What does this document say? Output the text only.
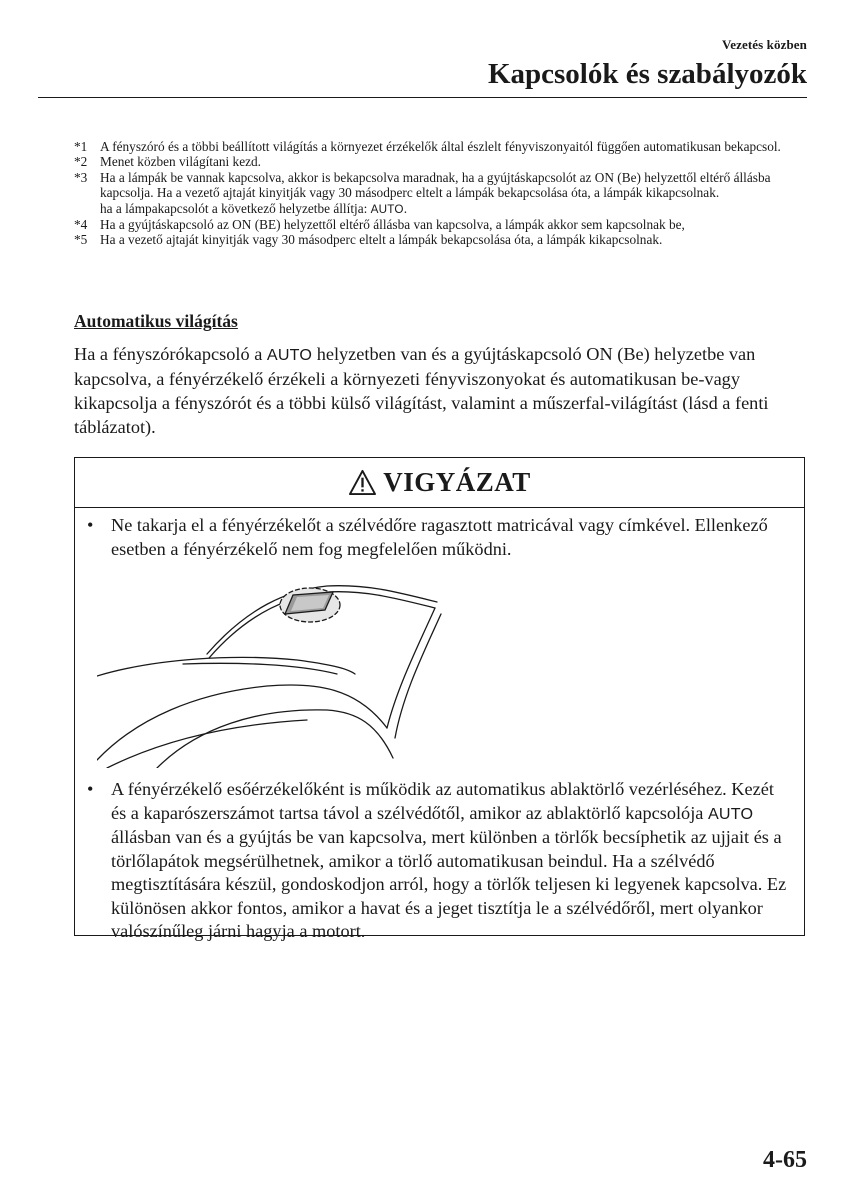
Vezetés közben
Kapcsolók és szabályozók
*1 A fényszóró és a többi beállított világítás a környezet érzékelők által észlelt fényviszonyaitól függően automatikusan bekapcsol.
*2 Menet közben világítani kezd.
*3 Ha a lámpák be vannak kapcsolva, akkor is bekapcsolva maradnak, ha a gyújtáskapcsolót az ON (Be) helyzettől eltérő állásba kapcsolja. Ha a vezető ajtaját kinyitják vagy 30 másodperc eltelt a lámpák bekapcsolása óta, a lámpák kikapcsolnak.
ha a lámpakapcsolót a következő helyzetbe állítja: AUTO.
*4 Ha a gyújtáskapcsoló az ON (BE) helyzettől eltérő állásba van kapcsolva, a lámpák akkor sem kapcsolnak be,
*5 Ha a vezető ajtaját kinyitják vagy 30 másodperc eltelt a lámpák bekapcsolása óta, a lámpák kikapcsolnak.
Automatikus világítás

Ha a fényszórókapcsoló a AUTO helyzetben van és a gyújtáskapcsoló ON (Be) helyzetbe van kapcsolva, a fényérzékelő érzékeli a környezeti fényviszonyokat és automatikusan be-vagy kikapcsolja a fényszórót és a többi külső világítást, valamint a műszerfal-világítást (lásd a fenti táblázatot).

VIGYÁZAT
• Ne takarja el a fényérzékelőt a szélvédőre ragasztott matricával vagy címkével. Ellenkező esetben a fényérzékelő nem fog megfelelően működni.
• A fényérzékelő esőérzékelőként is működik az automatikus ablaktörlő vezérléséhez. Kezét és a kaparószerszámot tartsa távol a szélvédőtől, amikor az ablaktörlő kapcsolója AUTO állásban van és a gyújtás be van kapcsolva, mert különben a törlők becsíphetik az ujjait és a törlőlapátok megsérülhetnek, amikor a törlő automatikusan beindul. Ha a szélvédő megtisztítására készül, gondoskodjon arról, hogy a törlők teljesen ki legyenek kapcsolva. Ez különösen akkor fontos, amikor a havat és a jeget tisztítja le a szélvédőről, mert olyankor valószínűleg járni hagyja a motort.
4-65
